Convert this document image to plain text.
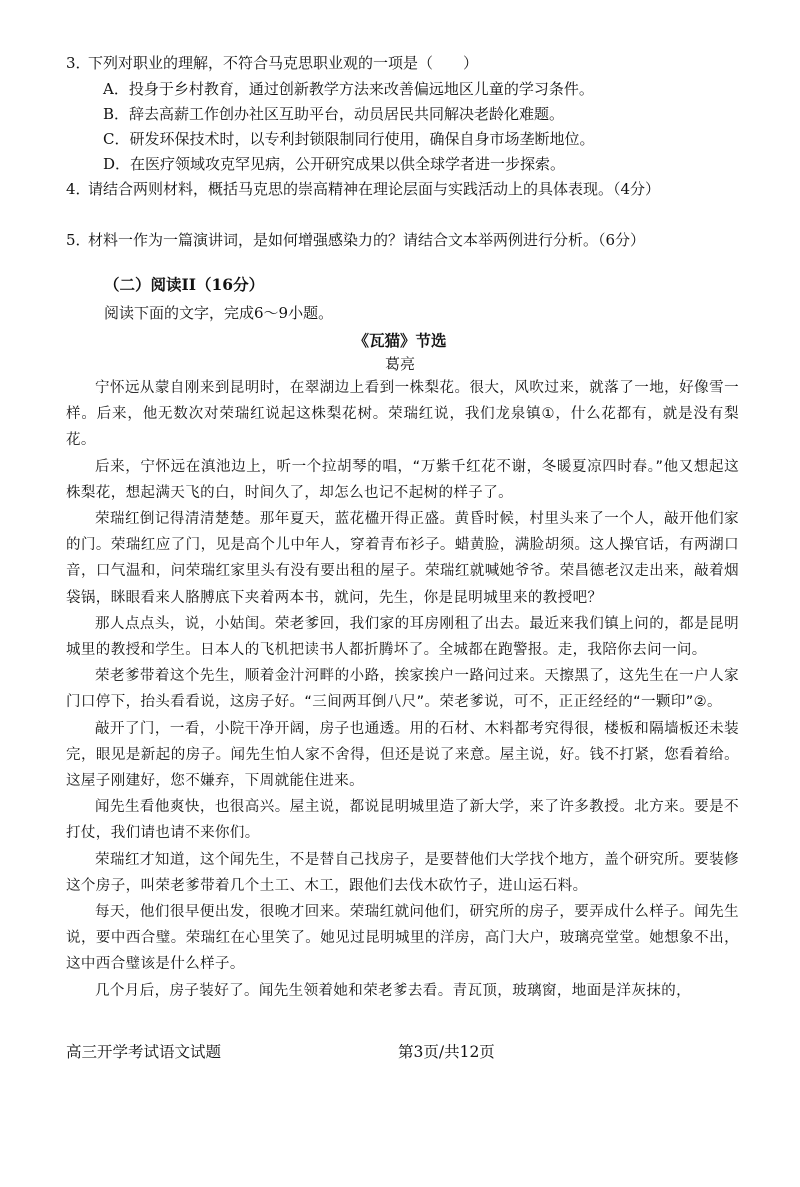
3．下列对职业的理解，不符合马克思职业观的一项是（　　）
A．投身于乡村教育，通过创新教学方法来改善偏远地区儿童的学习条件。
B．辞去高薪工作创办社区互助平台，动员居民共同解决老龄化难题。
C．研发环保技术时，以专利封锁限制同行使用，确保自身市场垄断地位。
D．在医疗领域攻克罕见病，公开研究成果以供全球学者进一步探索。
4．请结合两则材料，概括马克思的崇高精神在理论层面与实践活动上的具体表现。（4分）
5．材料一作为一篇演讲词，是如何增强感染力的？请结合文本举两例进行分析。（6分）
（二）阅读II（16分）
阅读下面的文字，完成6～9小题。
《瓦猫》节选
葛亮

宁怀远从蒙自刚来到昆明时，在翠湖边上看到一株梨花。很大，风吹过来，就落了一地，好像雪一样。后来，他无数次对荣瑞红说起这株梨花树。荣瑞红说，我们龙泉镇①，什么花都有，就是没有梨花。

后来，宁怀远在滇池边上，听一个拉胡琴的唱，“万紫千红花不谢，冬暖夏凉四时春。”他又想起这株梨花，想起满天飞的白，时间久了，却怎么也记不起树的样子了。

荣瑞红倒记得清清楚楚。那年夏天，蓝花楹开得正盛。黄昏时候，村里头来了一个人，敲开他们家的门。荣瑞红应了门，见是高个儿中年人，穿着青布衫子。蜡黄脸，满脸胡须。这人操官话，有两湖口音，口气温和，问荣瑞红家里头有没有要出租的屋子。荣瑞红就喊她爷爷。荣昌德老汉走出来，敲着烟袋锅，眯眼看来人胳膊底下夹着两本书，就问，先生，你是昆明城里来的教授吧？

那人点点头，说，小姑闺。荣老爹回，我们家的耳房刚租了出去。最近来我们镇上问的，都是昆明城里的教授和学生。日本人的飞机把读书人都折腾坏了。全城都在跑警报。走，我陪你去问一问。

荣老爹带着这个先生，顺着金汁河畔的小路，挨家挨户一路问过来。天擦黑了，这先生在一户人家门口停下，抬头看看说，这房子好。“三间两耳倒八尺”。荣老爹说，可不，正正经经的“一颗印”②。

敲开了门，一看，小院干净开阔，房子也通透。用的石材、木料都考究得很，楼板和隔墙板还未装完，眼见是新起的房子。闻先生怕人家不舍得，但还是说了来意。屋主说，好。钱不打紧，您看着给。这屋子刚建好，您不嫌弃，下周就能住进来。

闻先生看他爽快，也很高兴。屋主说，都说昆明城里造了新大学，来了许多教授。北方来。要是不打仗，我们请也请不来你们。

荣瑞红才知道，这个闻先生，不是替自己找房子，是要替他们大学找个地方，盖个研究所。要装修这个房子，叫荣老爹带着几个土工、木工，跟他们去伐木砍竹子，进山运石料。

每天，他们很早便出发，很晚才回来。荣瑞红就问他们，研究所的房子，要弄成什么样子。闻先生说，要中西合璧。荣瑞红在心里笑了。她见过昆明城里的洋房，高门大户，玻璃亮堂堂。她想象不出，这中西合璧该是什么样子。

几个月后，房子装好了。闻先生领着她和荣老爹去看。青瓦顶，玻璃窗，地面是洋灰抹的，

高三开学考试语文试题	第3页/共12页
